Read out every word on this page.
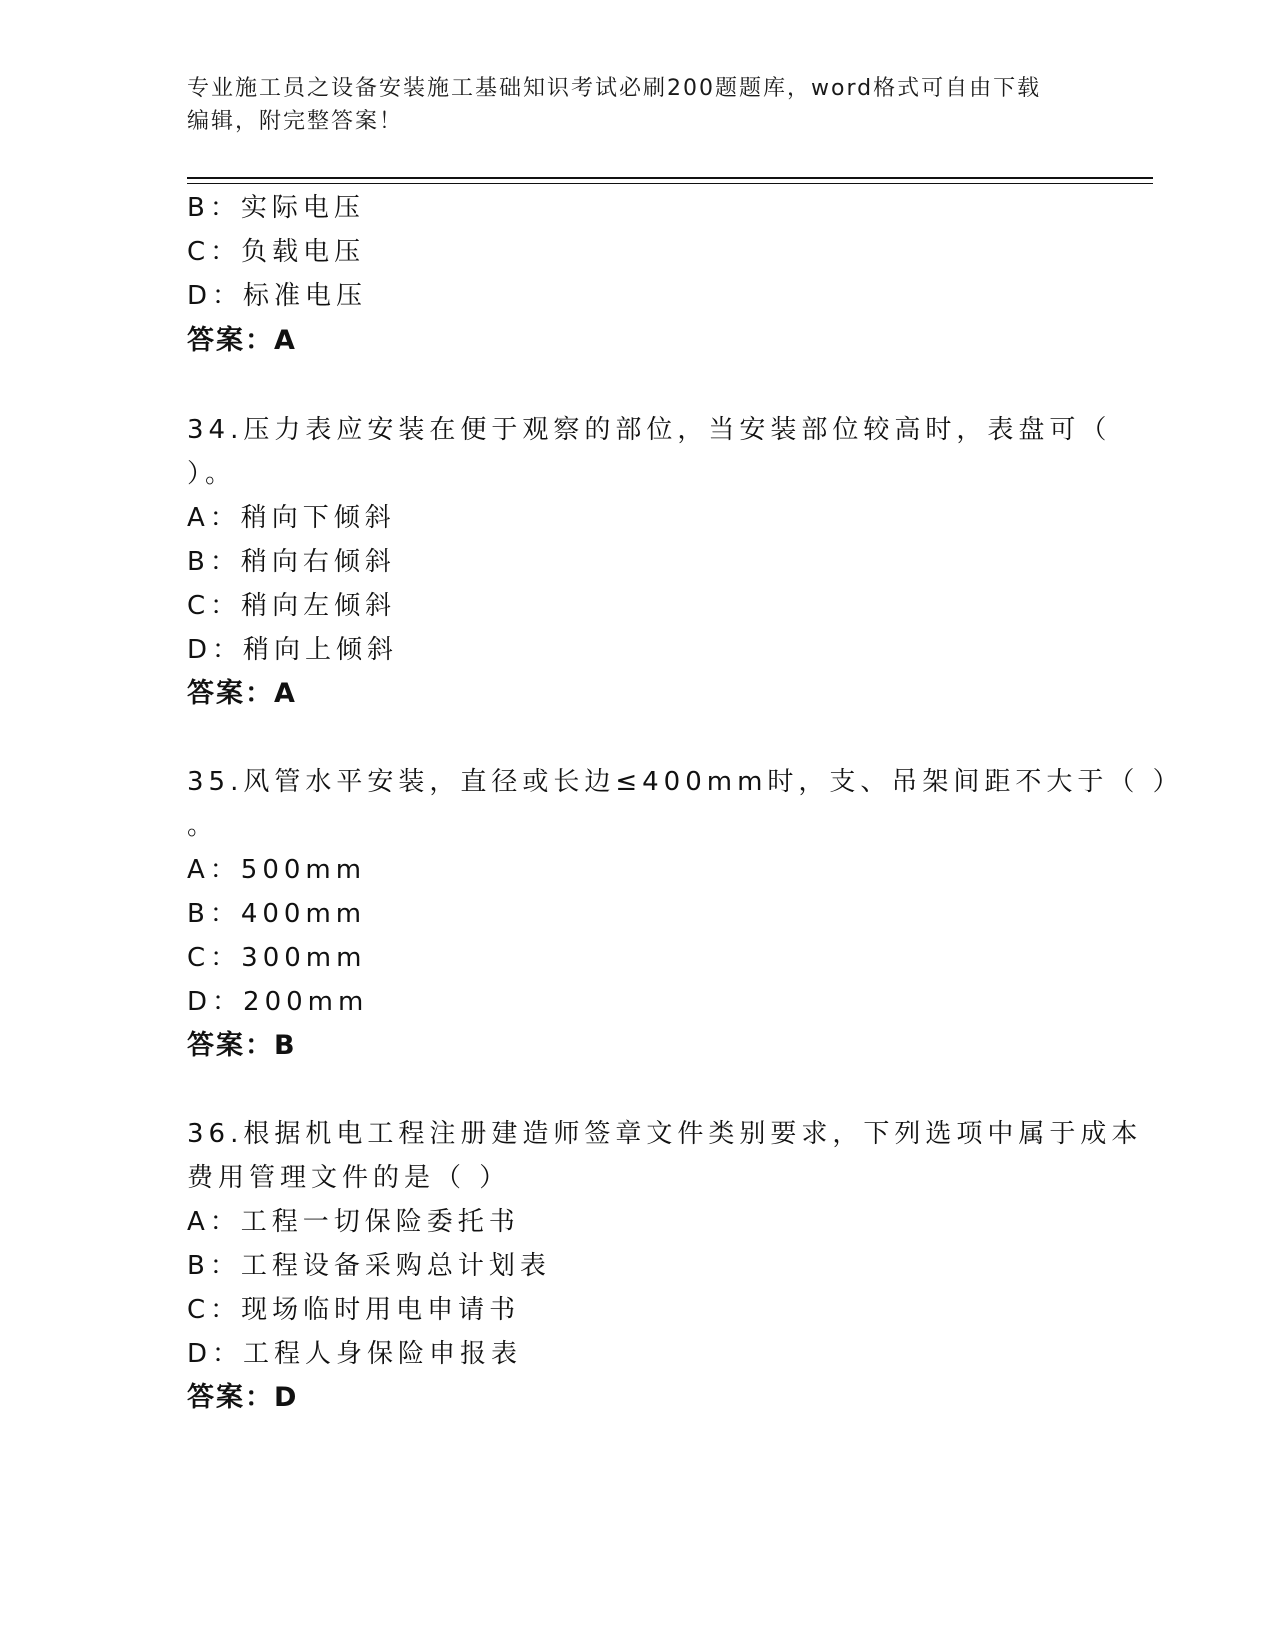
专业施工员之设备安装施工基础知识考试必刷200题题库，word格式可自由下载
编辑，附完整答案！
B：实际电压
C：负载电压
D：标准电压
答案：A
34.压力表应安装在便于观察的部位，当安装部位较高时，表盘可（
）。
A：稍向下倾斜
B：稍向右倾斜
C：稍向左倾斜
D：稍向上倾斜
答案：A
35.风管水平安装，直径或长边≤400mm时，支、吊架间距不大于（ ）
。
A：500mm
B：400mm
C：300mm
D：200mm
答案：B
36.根据机电工程注册建造师签章文件类别要求，下列选项中属于成本
费用管理文件的是（ ）
A：工程一切保险委托书
B：工程设备采购总计划表
C：现场临时用电申请书
D：工程人身保险申报表
答案：D
